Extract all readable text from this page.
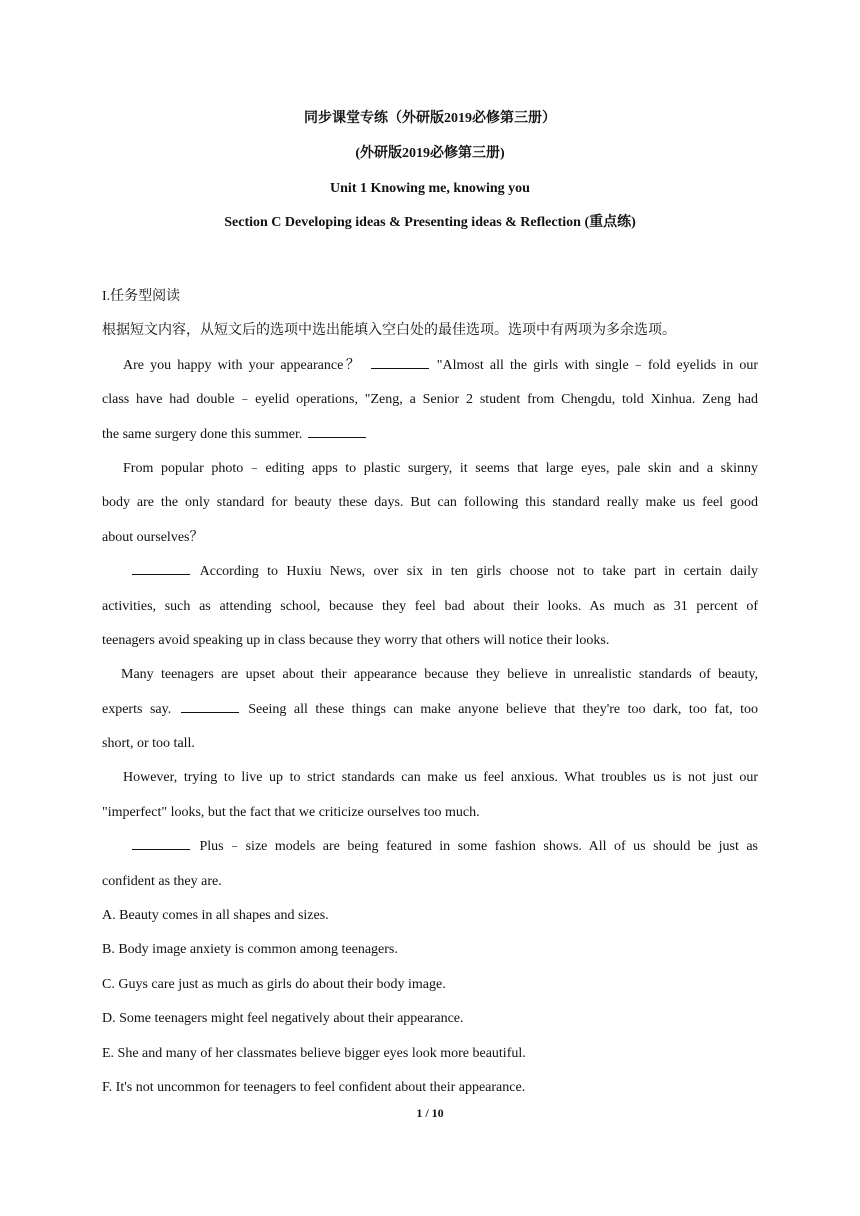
同步课堂专练（外研版2019必修第三册）
(外研版2019必修第三册)
Unit 1 Knowing me, knowing you
Section C Developing ideas & Presenting ideas & Reflection (重点练)
I.任务型阅读
根据短文内容，从短文后的选项中选出能填入空白处的最佳选项。选项中有两项为多余选项。
Are you happy with your appearance？	"Almost all the girls with single﹣fold eyelids in our
class have had double﹣eyelid operations, "Zeng, a Senior 2 student from Chengdu, told Xinhua. Zeng had
the same surgery done this summer.
From popular photo﹣editing apps to plastic surgery, it seems that large eyes, pale skin and a skinny
body are the only standard for beauty these days. But can following this standard really make us feel good
about ourselves？
According to Huxiu News, over six in ten girls choose not to take part in certain daily
activities, such as attending school, because they feel bad about their looks. As much as 31 percent of
teenagers avoid speaking up in class because they worry that others will notice their looks.
Many teenagers are upset about their appearance because they believe in unrealistic standards of beauty,
experts say.	Seeing all these things can make anyone believe that they're too dark, too fat, too
short, or too tall.
However, trying to live up to strict standards can make us feel anxious. What troubles us is not just our
"imperfect" looks, but the fact that we criticize ourselves too much.
Plus﹣size models are being featured in some fashion shows. All of us should be just as
confident as they are.
A. Beauty comes in all shapes and sizes.
B. Body image anxiety is common among teenagers.
C. Guys care just as much as girls do about their body image.
D. Some teenagers might feel negatively about their appearance.
E. She and many of her classmates believe bigger eyes look more beautiful.
F. It's not uncommon for teenagers to feel confident about their appearance.
1 / 10
